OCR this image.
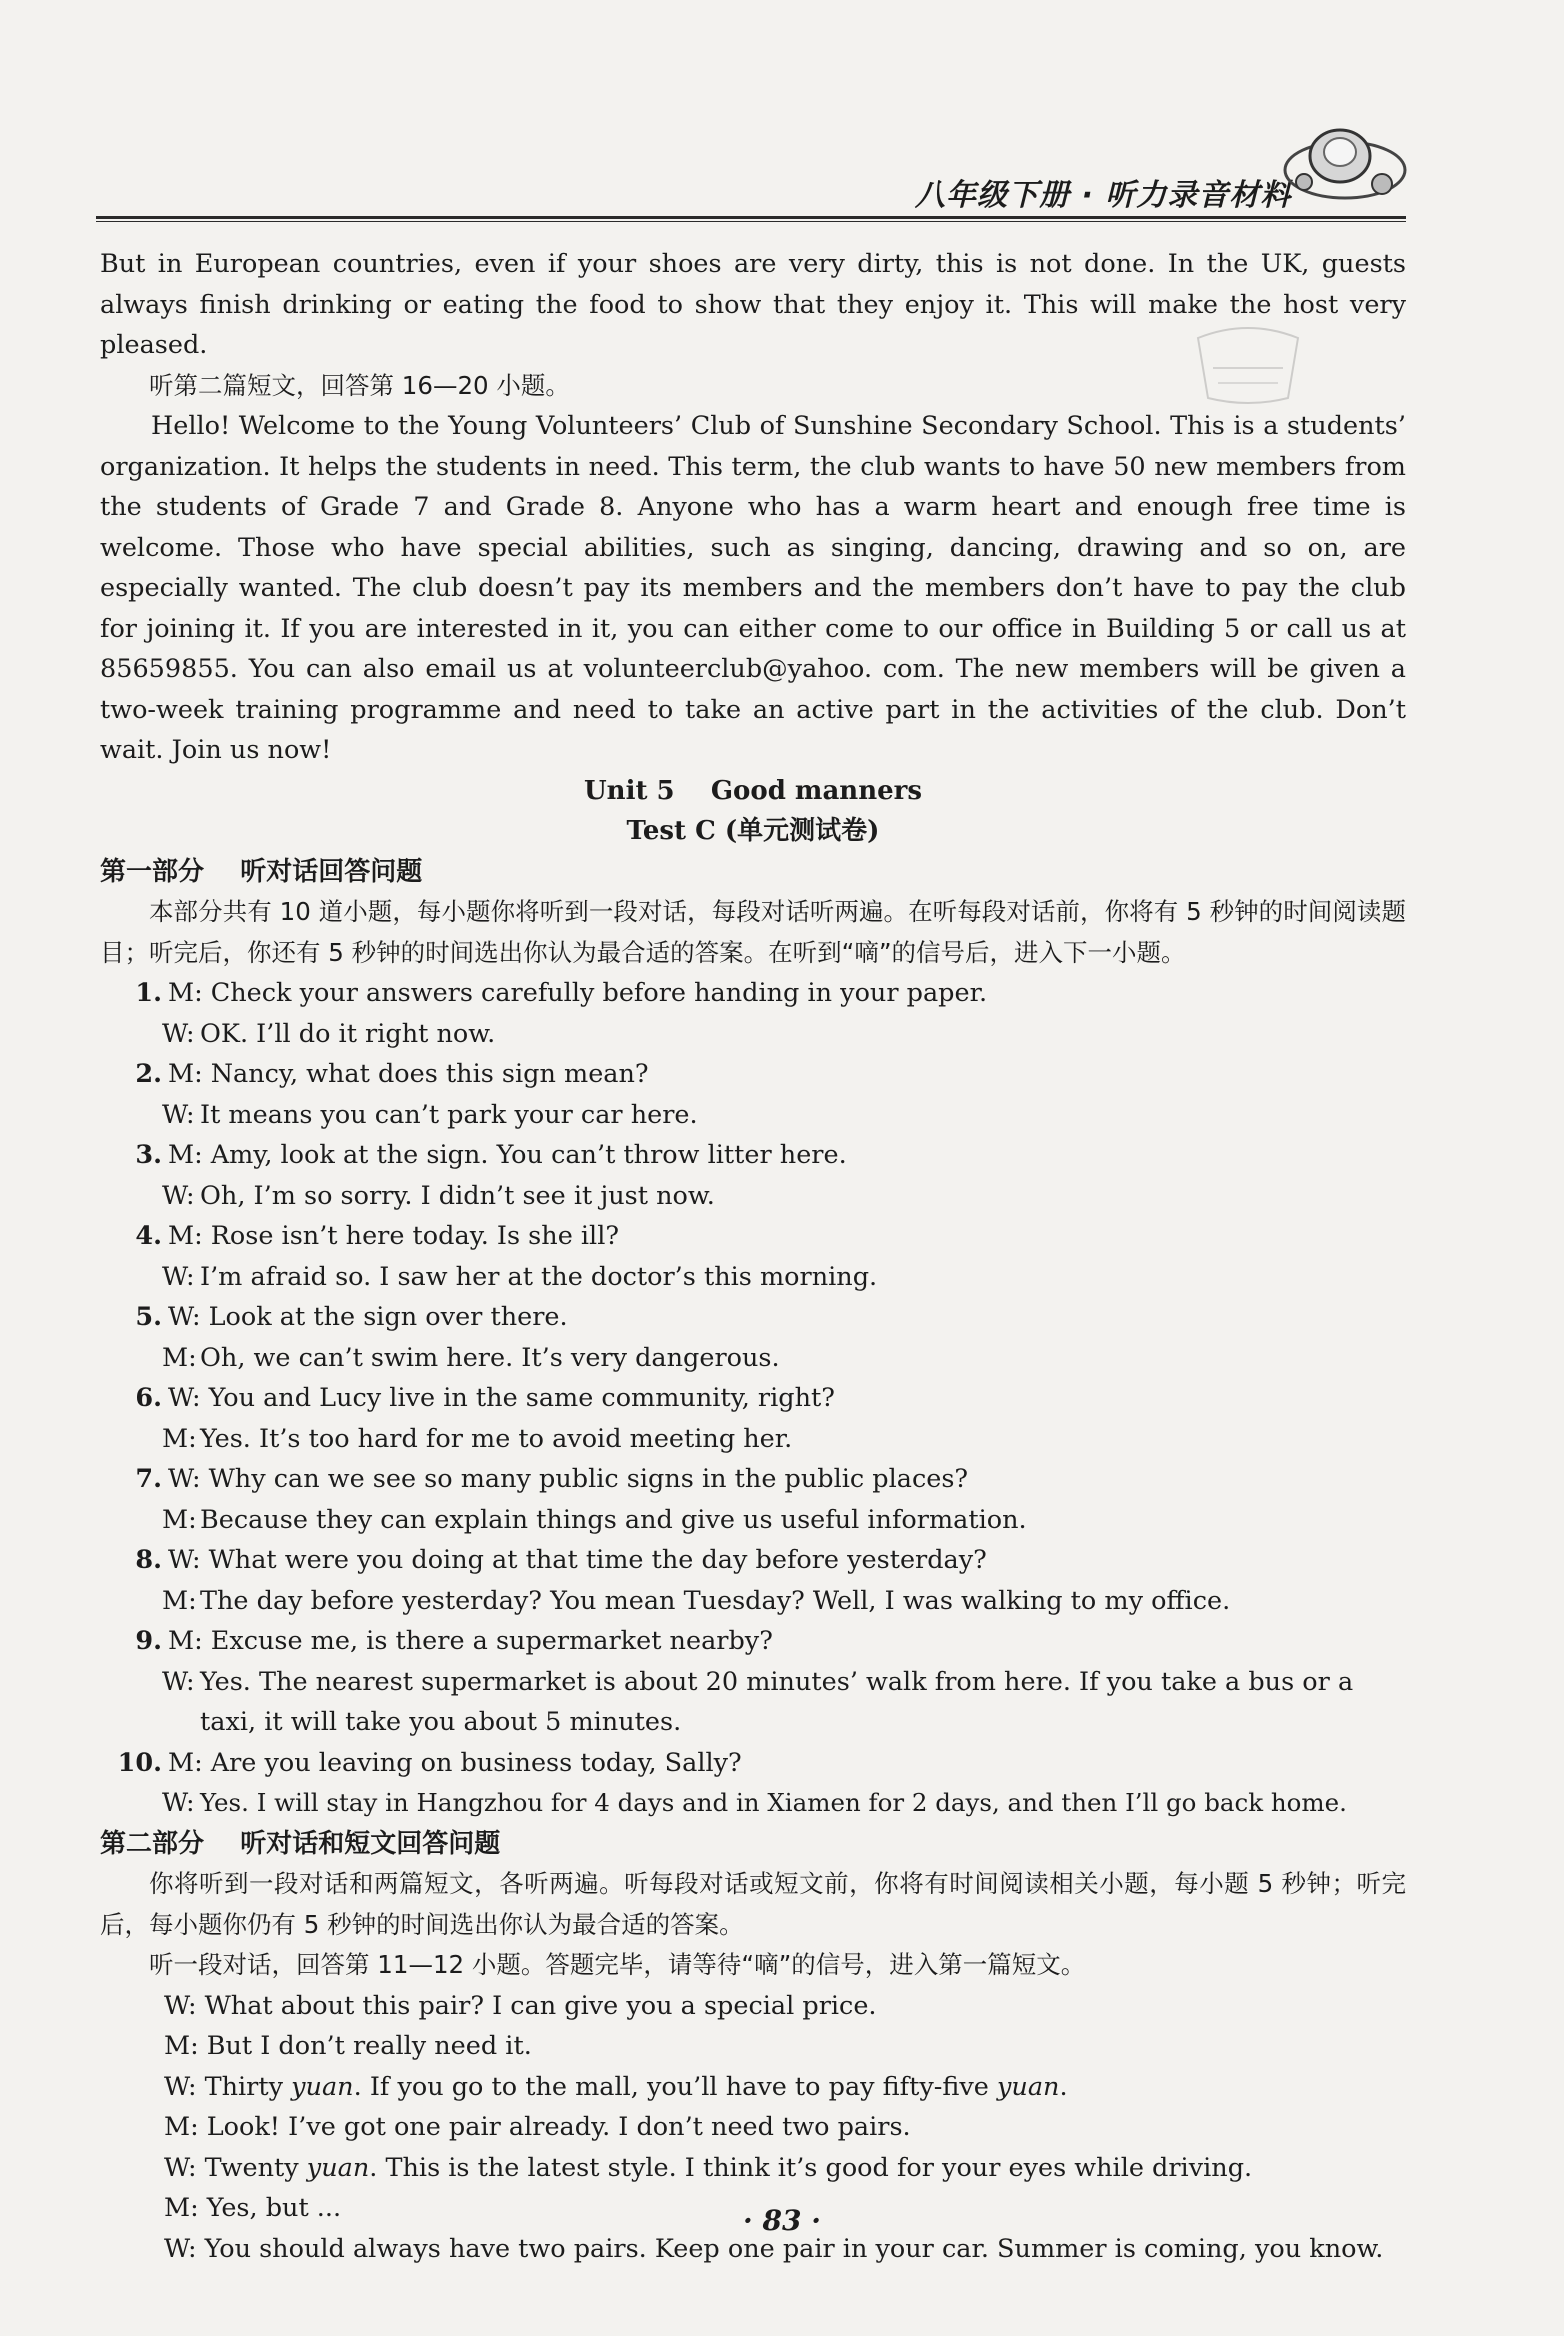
八年级下册 · 听力录音材料

But in European countries, even if your shoes are very dirty, this is not done. In the UK, guests always finish drinking or eating the food to show that they enjoy it. This will make the host very pleased.

听第二篇短文，回答第 16—20 小题。

Hello! Welcome to the Young Volunteers’ Club of Sunshine Secondary School. This is a students’ organization. It helps the students in need. This term, the club wants to have 50 new members from the students of Grade 7 and Grade 8. Anyone who has a warm heart and enough free time is welcome. Those who have special abilities, such as singing, dancing, drawing and so on, are especially wanted. The club doesn’t pay its members and the members don’t have to pay the club for joining it. If you are interested in it, you can either come to our office in Building 5 or call us at 85659855. You can also email us at volunteerclub@yahoo. com. The new members will be given a two-week training programme and need to take an active part in the activities of the club. Don’t wait. Join us now!

Unit 5    Good manners

Test C (单元测试卷)

第一部分    听对话回答问题

本部分共有 10 道小题，每小题你将听到一段对话，每段对话听两遍。在听每段对话前，你将有 5 秒钟的时间阅读题目；听完后，你还有 5 秒钟的时间选出你认为最合适的答案。在听到“嘀”的信号后，进入下一小题。

1. M: Check your answers carefully before handing in your paper.
W: OK. I’ll do it right now.
2. M: Nancy, what does this sign mean?
W: It means you can’t park your car here.
3. M: Amy, look at the sign. You can’t throw litter here.
W: Oh, I’m so sorry. I didn’t see it just now.
4. M: Rose isn’t here today. Is she ill?
W: I’m afraid so. I saw her at the doctor’s this morning.
5. W: Look at the sign over there.
M: Oh, we can’t swim here. It’s very dangerous.
6. W: You and Lucy live in the same community, right?
M: Yes. It’s too hard for me to avoid meeting her.
7. W: Why can we see so many public signs in the public places?
M: Because they can explain things and give us useful information.
8. W: What were you doing at that time the day before yesterday?
M: The day before yesterday? You mean Tuesday? Well, I was walking to my office.
9. M: Excuse me, is there a supermarket nearby?
W: Yes. The nearest supermarket is about 20 minutes’ walk from here. If you take a bus or a

taxi, it will take you about 5 minutes.

10. M: Are you leaving on business today, Sally?
W: Yes. I will stay in Hangzhou for 4 days and in Xiamen for 2 days, and then I’ll go back home.

第二部分    听对话和短文回答问题

你将听到一段对话和两篇短文，各听两遍。听每段对话或短文前，你将有时间阅读相关小题，每小题 5 秒钟；听完后，每小题你仍有 5 秒钟的时间选出你认为最合适的答案。

听一段对话，回答第 11—12 小题。答题完毕，请等待“嘀”的信号，进入第一篇短文。

W: What about this pair? I can give you a special price.
M: But I don’t really need it.
W: Thirty yuan. If you go to the mall, you’ll have to pay fifty-five yuan.
M: Look! I’ve got one pair already. I don’t need two pairs.
W: Twenty yuan. This is the latest style. I think it’s good for your eyes while driving.
M: Yes, but ...
W: You should always have two pairs. Keep one pair in your car. Summer is coming, you know.
· 83 ·
